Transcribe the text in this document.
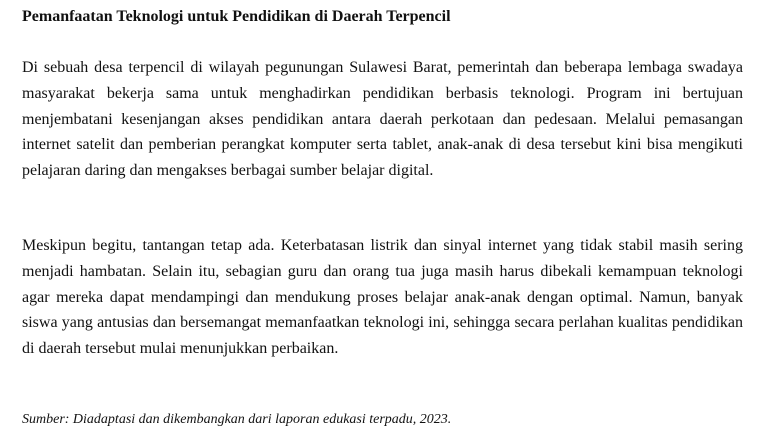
Pemanfaatan Teknologi untuk Pendidikan di Daerah Terpencil

Di sebuah desa terpencil di wilayah pegunungan Sulawesi Barat, pemerintah dan beberapa lembaga swadaya masyarakat bekerja sama untuk menghadirkan pendidikan berbasis teknologi. Program ini bertujuan menjembatani kesenjangan akses pendidikan antara daerah perkotaan dan pedesaan. Melalui pemasangan internet satelit dan pemberian perangkat komputer serta tablet, anak-anak di desa tersebut kini bisa mengikuti pelajaran daring dan mengakses berbagai sumber belajar digital.

Meskipun begitu, tantangan tetap ada. Keterbatasan listrik dan sinyal internet yang tidak stabil masih sering menjadi hambatan. Selain itu, sebagian guru dan orang tua juga masih harus dibekali kemampuan teknologi agar mereka dapat mendampingi dan mendukung proses belajar anak-anak dengan optimal. Namun, banyak siswa yang antusias dan bersemangat memanfaatkan teknologi ini, sehingga secara perlahan kualitas pendidikan di daerah tersebut mulai menunjukkan perbaikan.

Sumber: Diadaptasi dan dikembangkan dari laporan edukasi terpadu, 2023.
